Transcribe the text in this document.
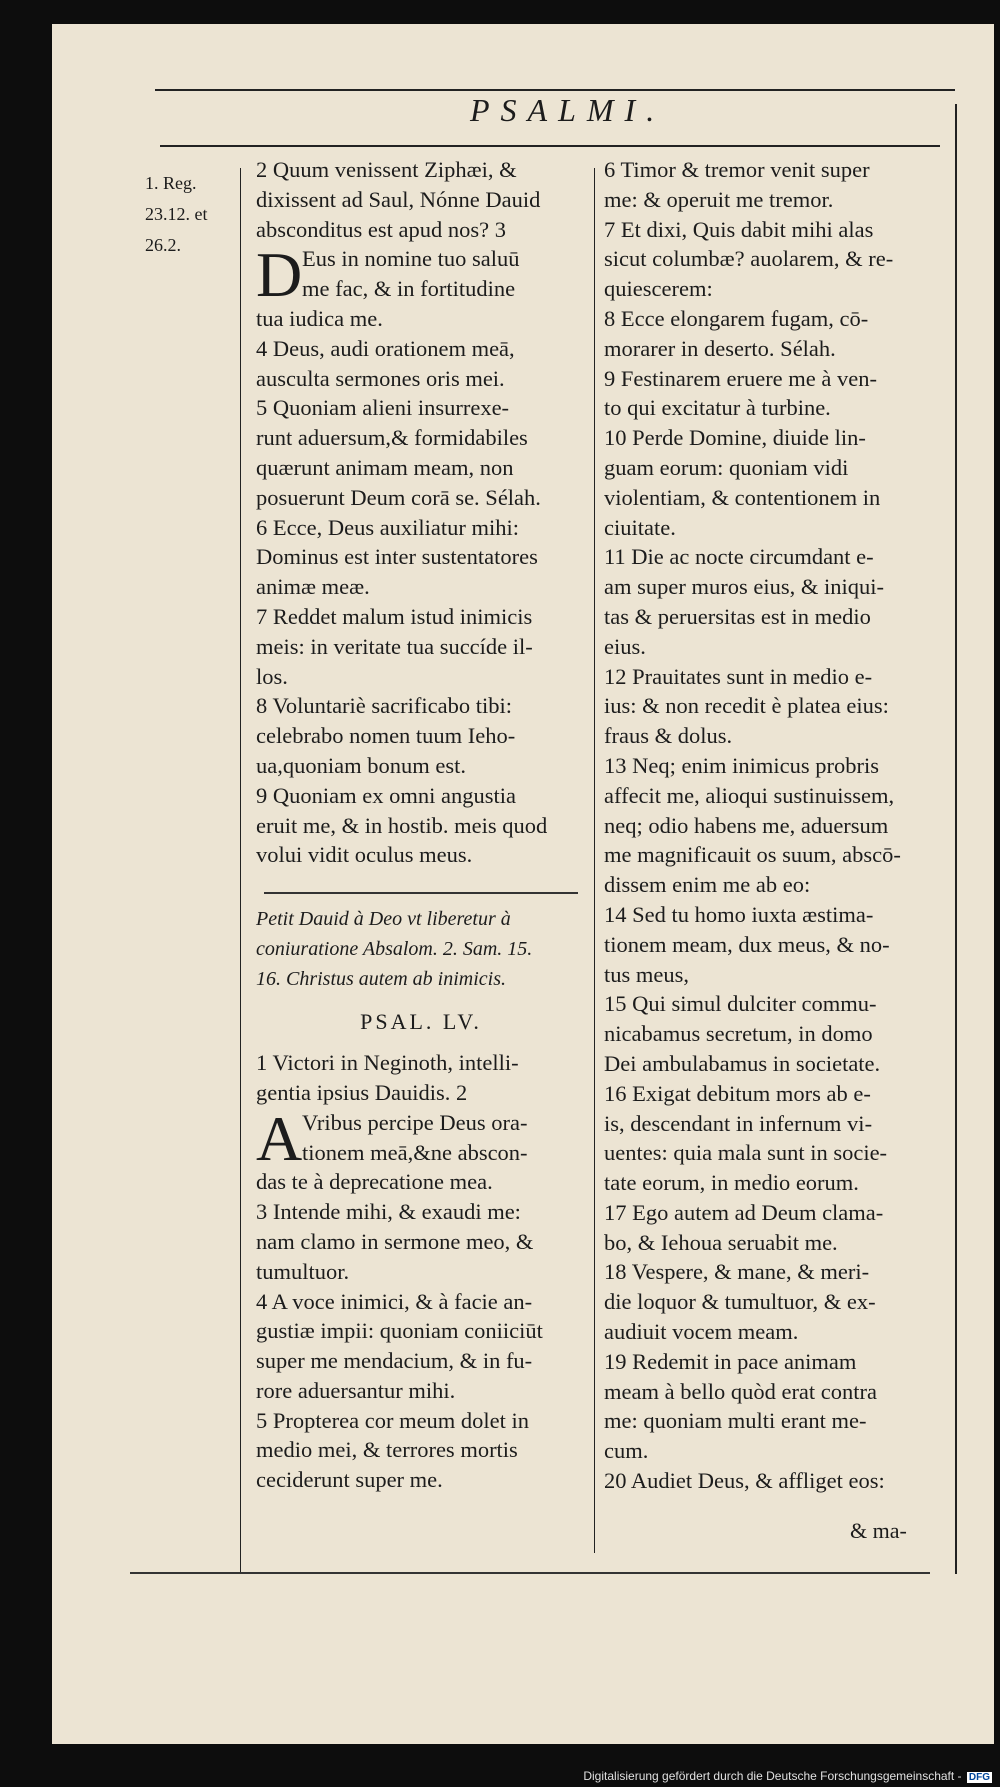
PSALMI.
1. Reg.
23.12. et
26.2.
2 Quum venissent Ziphæi, &
dixissent ad Saul, Nónne Dauid
absconditus est apud nos? 3
D Eus in nomine tuo saluū
me fac, & in fortitudine
tua iudica me.
4 Deus, audi orationem meā,
ausculta sermones oris mei.
5 Quoniam alieni insurrexe-
runt aduersum,& formidabiles
quærunt animam meam, non
posuerunt Deum corā se. Sélah.
6 Ecce, Deus auxiliatur mihi:
Dominus est inter sustentatores
animæ meæ.
7 Reddet malum istud inimicis
meis: in veritate tua succíde il-
los.
8 Voluntariè sacrificabo tibi:
celebrabo nomen tuum Ieho-
ua,quoniam bonum est.
9 Quoniam ex omni angustia
eruit me, & in hostib. meis quod
volui vidit oculus meus.
Petit Dauid à Deo vt liberetur à
coniuratione Absalom. 2. Sam. 15.
16. Christus autem ab inimicis.
PSAL. LV.
1 Victori in Neginoth, intelli-
gentia ipsius Dauidis. 2
A Vribus percipe Deus ora-
tionem meā,&ne abscon-
das te à deprecatione mea.
3 Intende mihi, & exaudi me:
nam clamo in sermone meo, &
tumultuor.
4 A voce inimici, & à facie an-
gustiæ impii: quoniam coniiciūt
super me mendacium, & in fu-
rore aduersantur mihi.
5 Propterea cor meum dolet in
medio mei, & terrores mortis
ceciderunt super me.
6 Timor & tremor venit super
me: & operuit me tremor.
7 Et dixi, Quis dabit mihi alas
sicut columbæ? auolarem, & re-
quiescerem:
8 Ecce elongarem fugam, cō-
morarer in deserto. Sélah.
9 Festinarem eruere me à ven-
to qui excitatur à turbine.
10 Perde Domine, diuide lin-
guam eorum: quoniam vidi
violentiam, & contentionem in
ciuitate.
11 Die ac nocte circumdant e-
am super muros eius, & iniqui-
tas & peruersitas est in medio
eius.
12 Prauitates sunt in medio e-
ius: & non recedit è platea eius:
fraus & dolus.
13 Neq; enim inimicus probris
affecit me, alioqui sustinuissem,
neq; odio habens me, aduersum
me magnificauit os suum, abscō-
dissem enim me ab eo:
14 Sed tu homo iuxta æstima-
tionem meam, dux meus, & no-
tus meus,
15 Qui simul dulciter commu-
nicabamus secretum, in domo
Dei ambulabamus in societate.
16 Exigat debitum mors ab e-
is, descendant in infernum vi-
uentes: quia mala sunt in socie-
tate eorum, in medio eorum.
17 Ego autem ad Deum clama-
bo, & Iehoua seruabit me.
18 Vespere, & mane, & meri-
die loquor & tumultuor, & ex-
audiuit vocem meam.
19 Redemit in pace animam
meam à bello quòd erat contra
me: quoniam multi erant me-
cum.
20 Audiet Deus, & affliget eos:
& ma-
Digitalisierung gefördert durch die Deutsche Forschungsgemeinschaft - DFG
